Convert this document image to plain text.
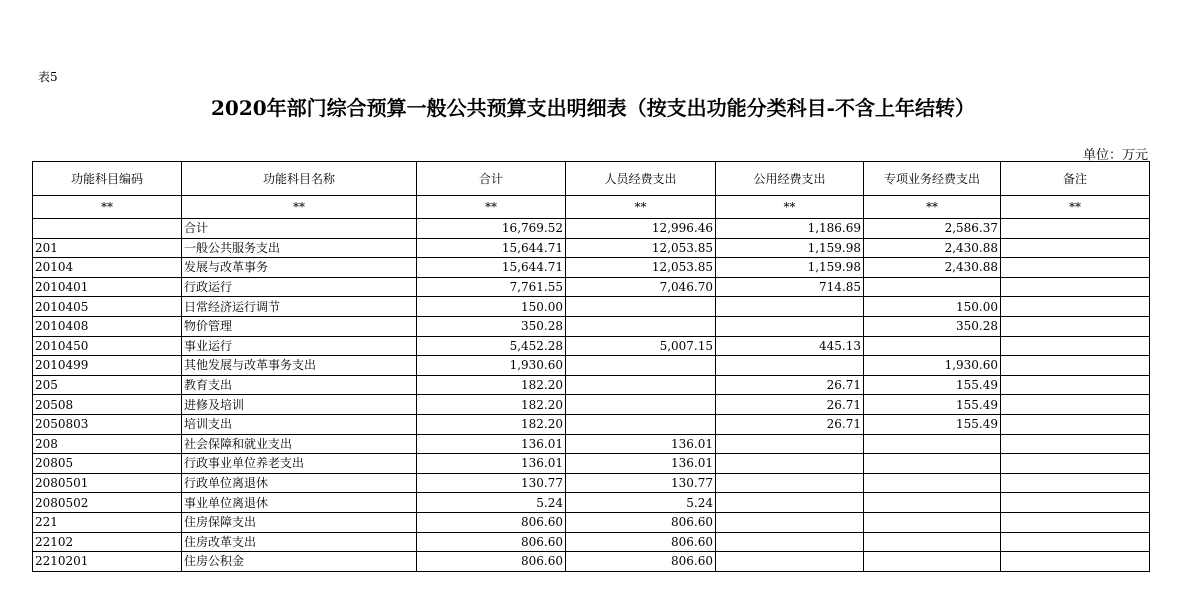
表5
2020年部门综合预算一般公共预算支出明细表（按支出功能分类科目-不含上年结转）
单位：万元
功能科目编码	功能科目名称	合计	人员经费支出	公用经费支出	专项业务经费支出	备注
**	**	**	**	**	**	**
	合计	16,769.52	12,996.46	1,186.69	2,586.37	
201	一般公共服务支出	15,644.71	12,053.85	1,159.98	2,430.88	
20104	发展与改革事务	15,644.71	12,053.85	1,159.98	2,430.88	
2010401	行政运行	7,761.55	7,046.70	714.85		
2010405	日常经济运行调节	150.00			150.00	
2010408	物价管理	350.28			350.28	
2010450	事业运行	5,452.28	5,007.15	445.13		
2010499	其他发展与改革事务支出	1,930.60			1,930.60	
205	教育支出	182.20		26.71	155.49	
20508	进修及培训	182.20		26.71	155.49	
2050803	培训支出	182.20		26.71	155.49	
208	社会保障和就业支出	136.01	136.01			
20805	行政事业单位养老支出	136.01	136.01			
2080501	行政单位离退休	130.77	130.77			
2080502	事业单位离退休	5.24	5.24			
221	住房保障支出	806.60	806.60			
22102	住房改革支出	806.60	806.60			
2210201	住房公积金	806.60	806.60			
